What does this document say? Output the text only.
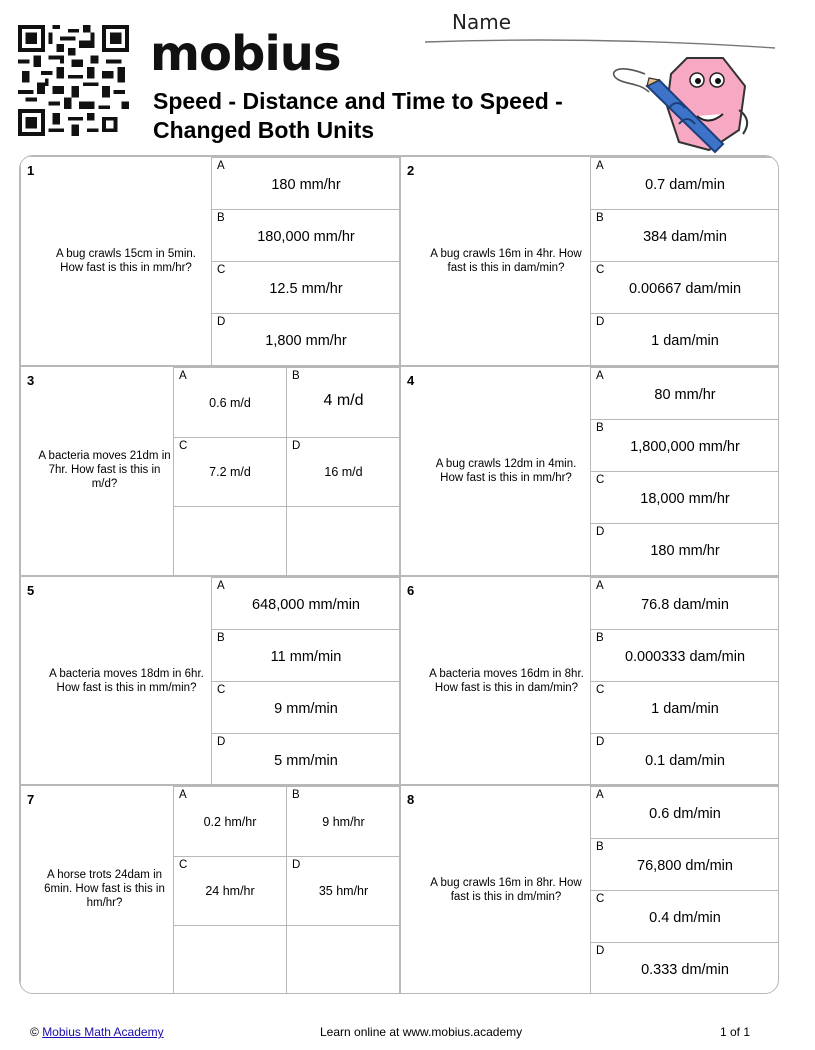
mobius
Speed - Distance and Time to Speed - Changed Both Units
Name
1
A bug crawls 15cm in 5min. How fast is this in mm/hr?
A
180 mm/hr
B
180,000 mm/hr
C
12.5 mm/hr
D
1,800 mm/hr
2
A bug crawls 16m in 4hr. How fast is this in dam/min?
A
0.7 dam/min
B
384 dam/min
C
0.00667 dam/min
D
1 dam/min
3
A bacteria moves 21dm in 7hr. How fast is this in m/d?
A
0.6 m/d
B
4 m/d
C
7.2 m/d
D
16 m/d
4
A bug crawls 12dm in 4min. How fast is this in mm/hr?
A
80 mm/hr
B
1,800,000 mm/hr
C
18,000 mm/hr
D
180 mm/hr
5
A bacteria moves 18dm in 6hr. How fast is this in mm/min?
A
648,000 mm/min
B
11 mm/min
C
9 mm/min
D
5 mm/min
6
A bacteria moves 16dm in 8hr. How fast is this in dam/min?
A
76.8 dam/min
B
0.000333 dam/min
C
1 dam/min
D
0.1 dam/min
7
A horse trots 24dam in 6min. How fast is this in hm/hr?
A
0.2 hm/hr
B
9 hm/hr
C
24 hm/hr
D
35 hm/hr
8
A bug crawls 16m in 8hr. How fast is this in dm/min?
A
0.6 dm/min
B
76,800 dm/min
C
0.4 dm/min
D
0.333 dm/min
© Mobius Math Academy	Learn online at www.mobius.academy	1 of 1
